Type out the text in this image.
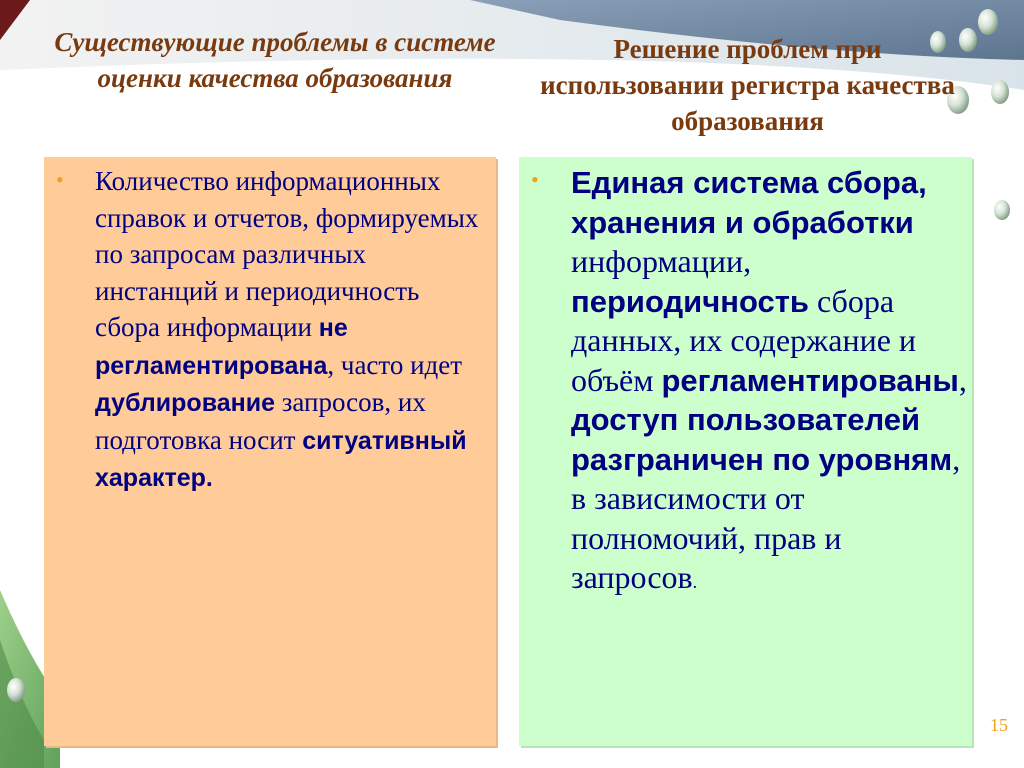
Существующие проблемы в системе оценки качества образования
Решение проблем при использовании регистра качества образования
• Количество информационных справок и отчетов, формируемых по запросам различных инстанций и периодичность сбора информации не регламентирована, часто идет дублирование запросов, их подготовка носит ситуативный характер.

• Единая система сбора, хранения и обработки информации, периодичность сбора данных, их содержание и объём регламентированы, доступ пользователей разграничен по уровням, в зависимости от полномочий, прав и запросов.

15
